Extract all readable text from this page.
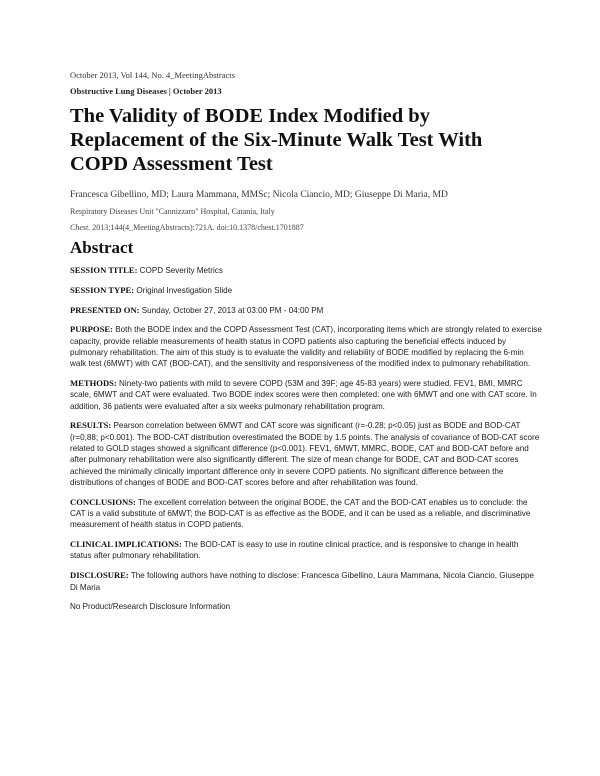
October 2013, Vol 144, No. 4_MeetingAbstracts
Obstructive Lung Diseases | October 2013
The Validity of BODE Index Modified by Replacement of the Six-Minute Walk Test With COPD Assessment Test
Francesca Gibellino, MD; Laura Mammana, MMSc; Nicola Ciancio, MD; Giuseppe Di Maria, MD
Respiratory Diseases Unit "Cannizzaro" Hospital, Catania, Italy
Chest. 2013;144(4_MeetingAbstracts):721A. doi:10.1378/chest.1701887
Abstract

SESSION TITLE: COPD Severity Metrics

SESSION TYPE: Original Investigation Slide

PRESENTED ON: Sunday, October 27, 2013 at 03:00 PM - 04:00 PM

PURPOSE: Both the BODE index and the COPD Assessment Test (CAT), incorporating items which are strongly related to exercise capacity, provide reliable measurements of health status in COPD patients also capturing the beneficial effects induced by pulmonary rehabilitation. The aim of this study is to evaluate the validity and reliability of BODE modified by replacing the 6-min walk test (6MWT) with CAT (BOD-CAT), and the sensitivity and responsiveness of the modified index to pulmonary rehabilitation.

METHODS: Ninety-two patients with mild to severe COPD (53M and 39F; age 45-83 years) were studied. FEV1, BMI, MMRC scale, 6MWT and CAT were evaluated. Two BODE index scores were then completed: one with 6MWT and one with CAT score. In addition, 36 patients were evaluated after a six weeks pulmonary rehabilitation program.

RESULTS: Pearson correlation between 6MWT and CAT score was significant (r=-0.28; p<0.05) just as BODE and BOD-CAT (r=0,88; p<0.001). The BOD-CAT distribution overestimated the BODE by 1.5 points. The analysis of covariance of BOD-CAT score related to GOLD stages showed a significant difference (p<0.001). FEV1, 6MWT, MMRC, BODE, CAT and BOD-CAT before and after pulmonary rehabilitation were also significantly different. The size of mean change for BODE, CAT and BOD-CAT scores achieved the minimally clinically important difference only in severe COPD patients. No significant difference between the distributions of changes of BODE and BOD-CAT scores before and after rehabilitation was found.

CONCLUSIONS: The excellent correlation between the original BODE, the CAT and the BOD-CAT enables us to conclude: the CAT is a valid substitute of 6MWT; the BOD-CAT is as effective as the BODE, and it can be used as a reliable, and discriminative measurement of health status in COPD patients.

CLINICAL IMPLICATIONS: The BOD-CAT is easy to use in routine clinical practice, and is responsive to change in health status after pulmonary rehabilitation.

DISCLOSURE: The following authors have nothing to disclose: Francesca Gibellino, Laura Mammana, Nicola Ciancio, Giuseppe Di Maria

No Product/Research Disclosure Information
